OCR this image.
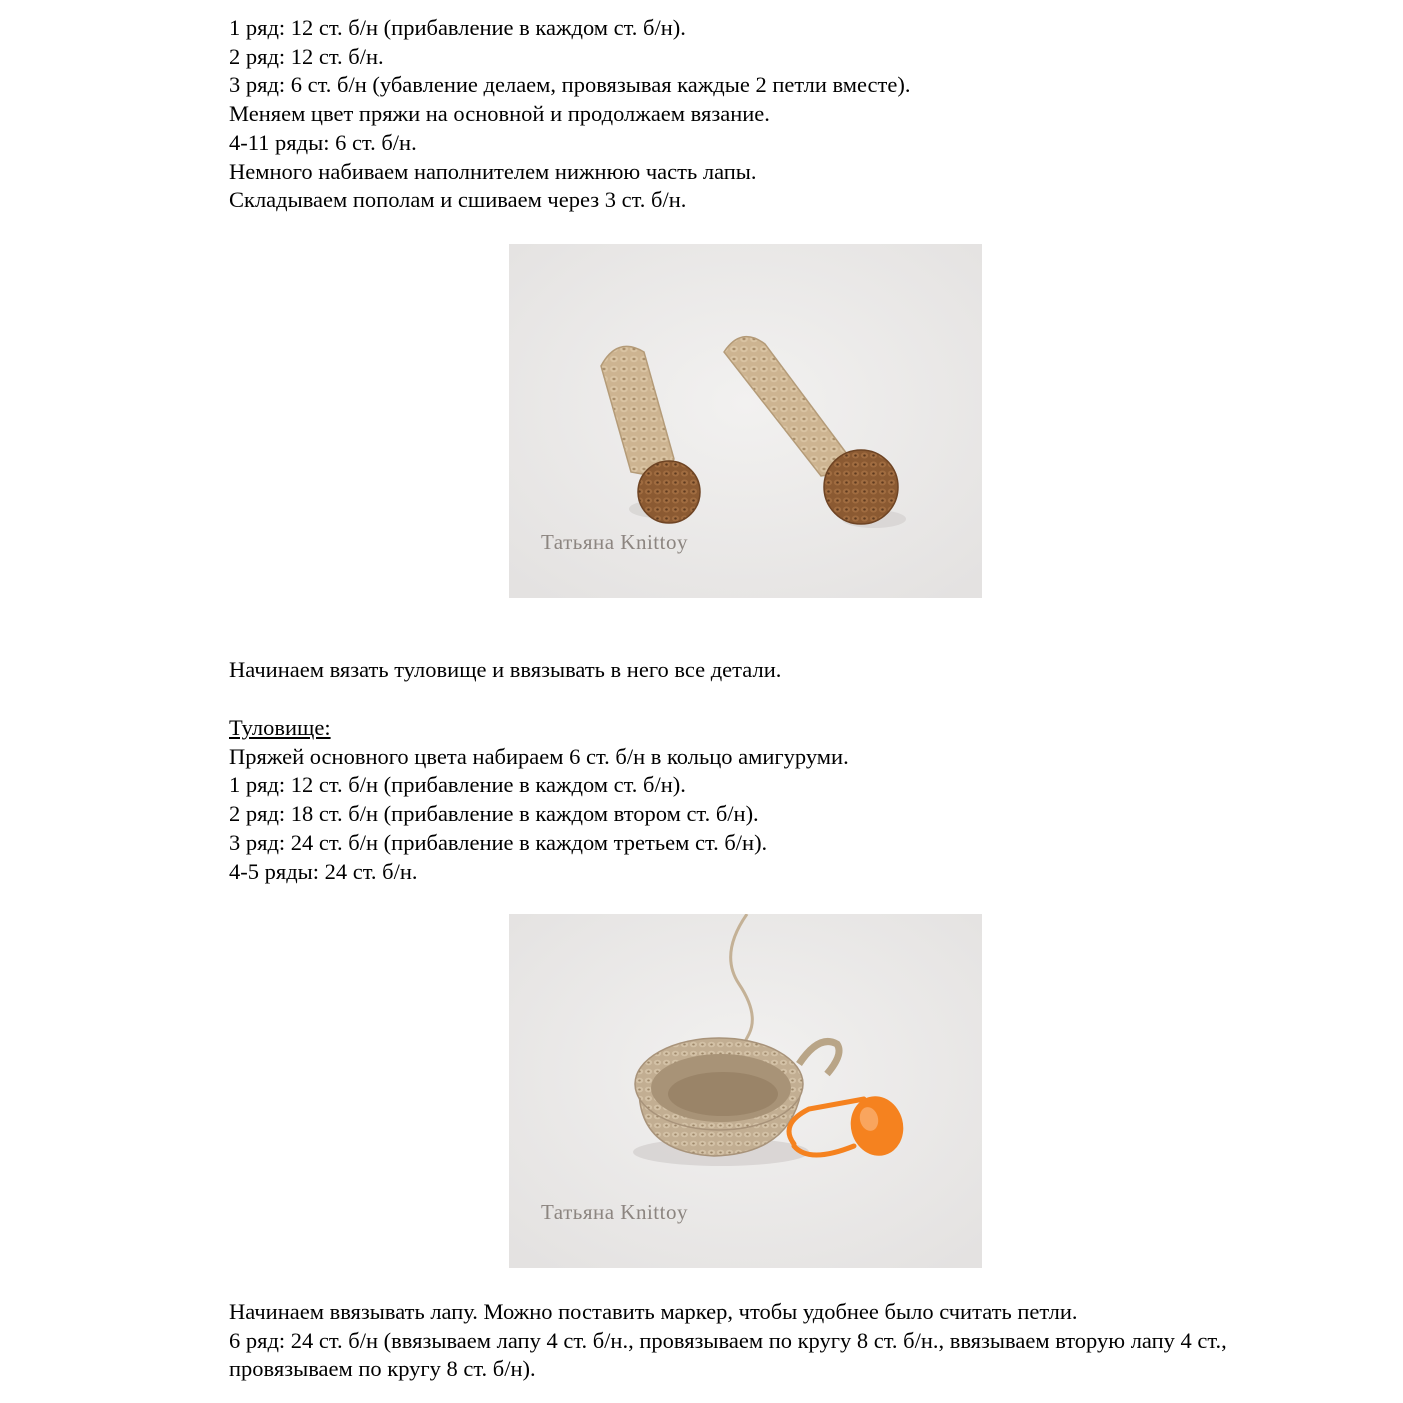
1 ряд: 12 ст. б/н (прибавление в каждом ст. б/н).
2 ряд: 12 ст. б/н.
3 ряд: 6 ст. б/н (убавление делаем, провязывая каждые 2 петли вместе).
Меняем цвет пряжи на основной и продолжаем вязание.
4-11 ряды: 6 ст. б/н.
Немного набиваем наполнителем нижнюю часть лапы.
Складываем пополам и сшиваем через 3 ст. б/н.
Татьяна Knittoy
Начинаем вязать туловище и ввязывать в него все детали.
Туловище:
Пряжей основного цвета набираем 6 ст. б/н в кольцо амигуруми.
1 ряд: 12 ст. б/н (прибавление в каждом ст. б/н).
2 ряд: 18 ст. б/н (прибавление в каждом втором ст. б/н).
3 ряд: 24 ст. б/н (прибавление в каждом третьем ст. б/н).
4-5 ряды: 24 ст. б/н.
Татьяна Knittoy
Начинаем ввязывать лапу. Можно поставить маркер, чтобы удобнее было считать петли.
6 ряд: 24 ст. б/н (ввязываем лапу 4 ст. б/н., провязываем по кругу 8 ст. б/н., ввязываем вторую лапу 4 ст., провязываем по кругу 8 ст. б/н).
